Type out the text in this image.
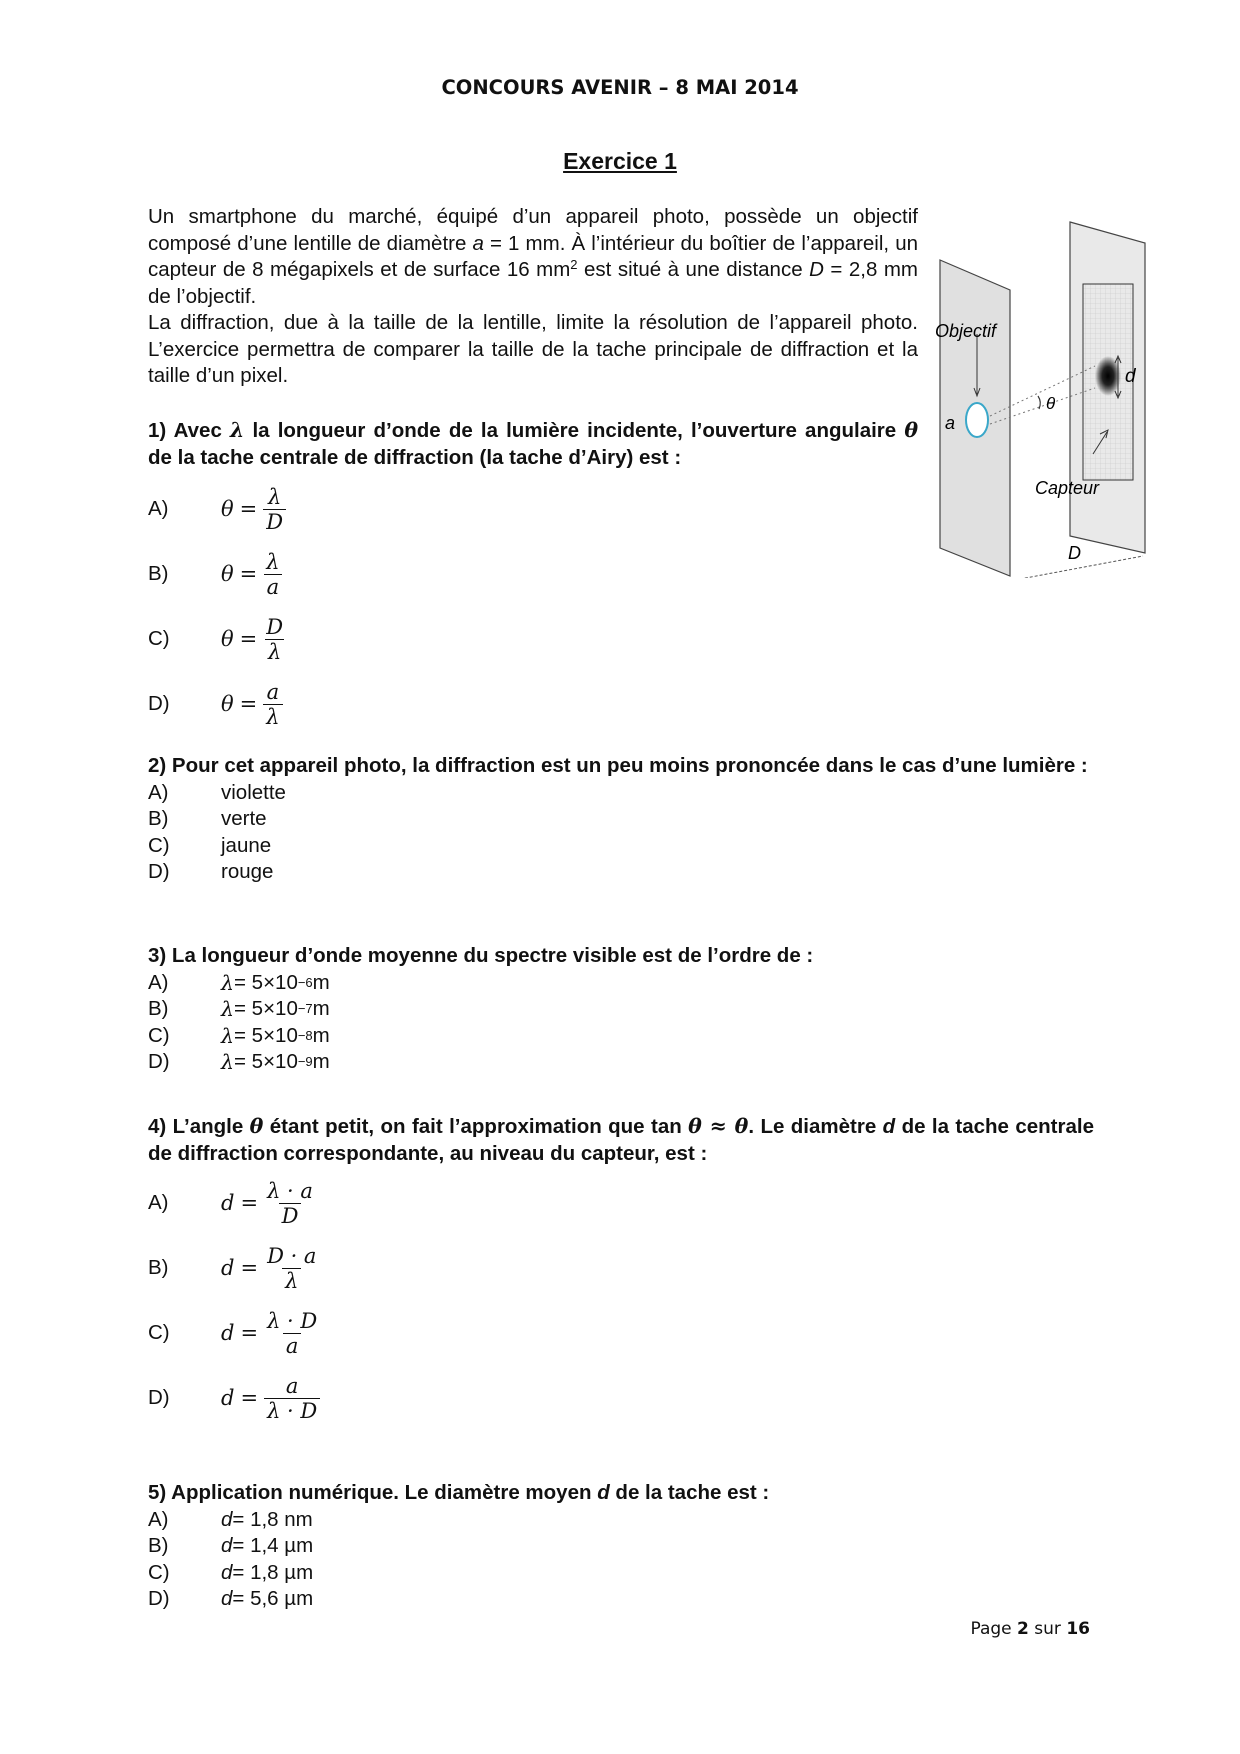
CONCOURS AVENIR – 8 MAI 2014
Exercice 1

Un smartphone du marché, équipé d’un appareil photo, possède un objectif composé d’une lentille de diamètre a = 1 mm. À l’intérieur du boîtier de l’appareil, un capteur de 8 mégapixels et de surface 16 $mm^2$ est situé à une distance D = 2,8 mm de l’objectif.

La diffraction, due à la taille de la lentille, limite la résolution de l’appareil photo. L’exercice permettra de comparer la taille de la tache principale de diffraction et la taille d’un pixel.

Objectif
a
θ
d
Capteur
D
1) Avec λ la longueur d’onde de la lumière incidente, l’ouverture angulaire θ de la tache centrale de diffraction (la tache d’Airy) est :
A)	$\theta = \frac{\lambda}{D}$
B)	$\theta = \frac{\lambda}{a}$
C)	$\theta = \frac{D}{\lambda}$
D)	$\theta = \frac{a}{\lambda}$
2) Pour cet appareil photo, la diffraction est un peu moins prononcée dans le cas d’une lumière :
A)	violette
B)	verte
C)	jaune
D)	rouge
3) La longueur d’onde moyenne du spectre visible est de l’ordre de :
A)	λ = 5×10 −6 m
B)	λ = 5×10 −7 m
C)	λ = 5×10 −8 m
D)	λ = 5×10 −9 m
4) L’angle θ étant petit, on fait l’approximation que tan θ ≈ θ. Le diamètre d de la tache centrale de diffraction correspondante, au niveau du capteur, est :
A)	$d = \frac{\lambda \cdot a}{D}$
B)	$d = \frac{D \cdot a}{\lambda}$
C)	$d = \frac{\lambda \cdot D}{a}$
D)	$d = \frac{a}{\lambda \cdot D}$
5) Application numérique. Le diamètre moyen d de la tache est :
A)	d = 1,8 nm
B)	d = 1,4 µm
C)	d = 1,8 µm
D)	d = 5,6 µm
Page 2 sur 16
